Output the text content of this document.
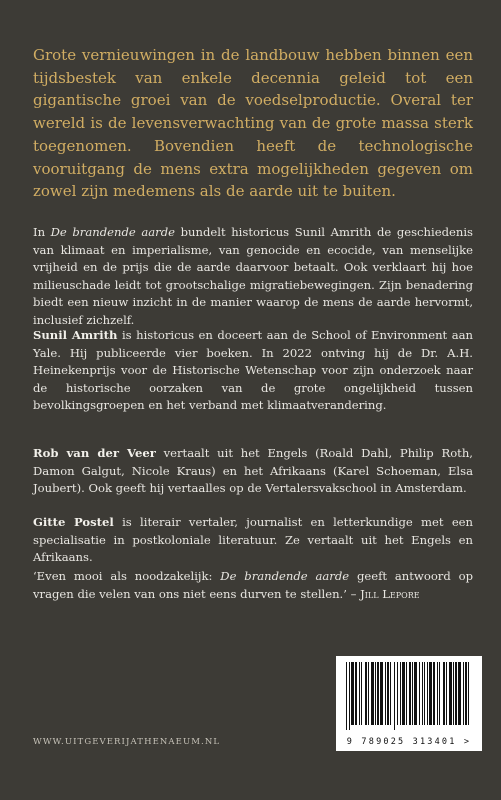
Grote vernieuwingen in de landbouw hebben binnen een tijdsbestek van enkele decennia geleid tot een gigantische groei van de voedselproductie. Overal ter wereld is de levensverwachting van de grote massa sterk toegenomen. Bovendien heeft de technologische vooruitgang de mens extra mogelijkheden gegeven om zowel zijn medemens als de aarde uit te buiten.

In De brandende aarde bundelt historicus Sunil Amrith de geschiedenis van klimaat en imperialisme, van genocide en ecocide, van menselijke vrijheid en de prijs die de aarde daarvoor betaalt. Ook verklaart hij hoe milieuschade leidt tot grootschalige migratiebewegingen. Zijn benadering biedt een nieuw inzicht in de manier waarop de mens de aarde hervormt, inclusief zichzelf.

Sunil Amrith is historicus en doceert aan de School of Environment aan Yale. Hij publiceerde vier boeken. In 2022 ontving hij de Dr. A.H. Heinekenprijs voor de Historische Wetenschap voor zijn onderzoek naar de historische oorzaken van de grote ongelijkheid tussen bevolkingsgroepen en het verband met klimaatverandering.

Rob van der Veer vertaalt uit het Engels (Roald Dahl, Philip Roth, Damon Galgut, Nicole Kraus) en het Afrikaans (Karel Schoeman, Elsa Joubert). Ook geeft hij vertaalles op de Vertalersvakschool in Amsterdam.

Gitte Postel is literair vertaler, journalist en letterkundige met een specialisatie in postkoloniale literatuur. Ze vertaalt uit het Engels en Afrikaans.

‘Even mooi als noodzakelijk: De brandende aarde geeft antwoord op vragen die velen van ons niet eens durven te stellen.’ – Jill Lepore

9 789025 313401 >
WWW.UITGEVERIJATHENAEUM.NL
